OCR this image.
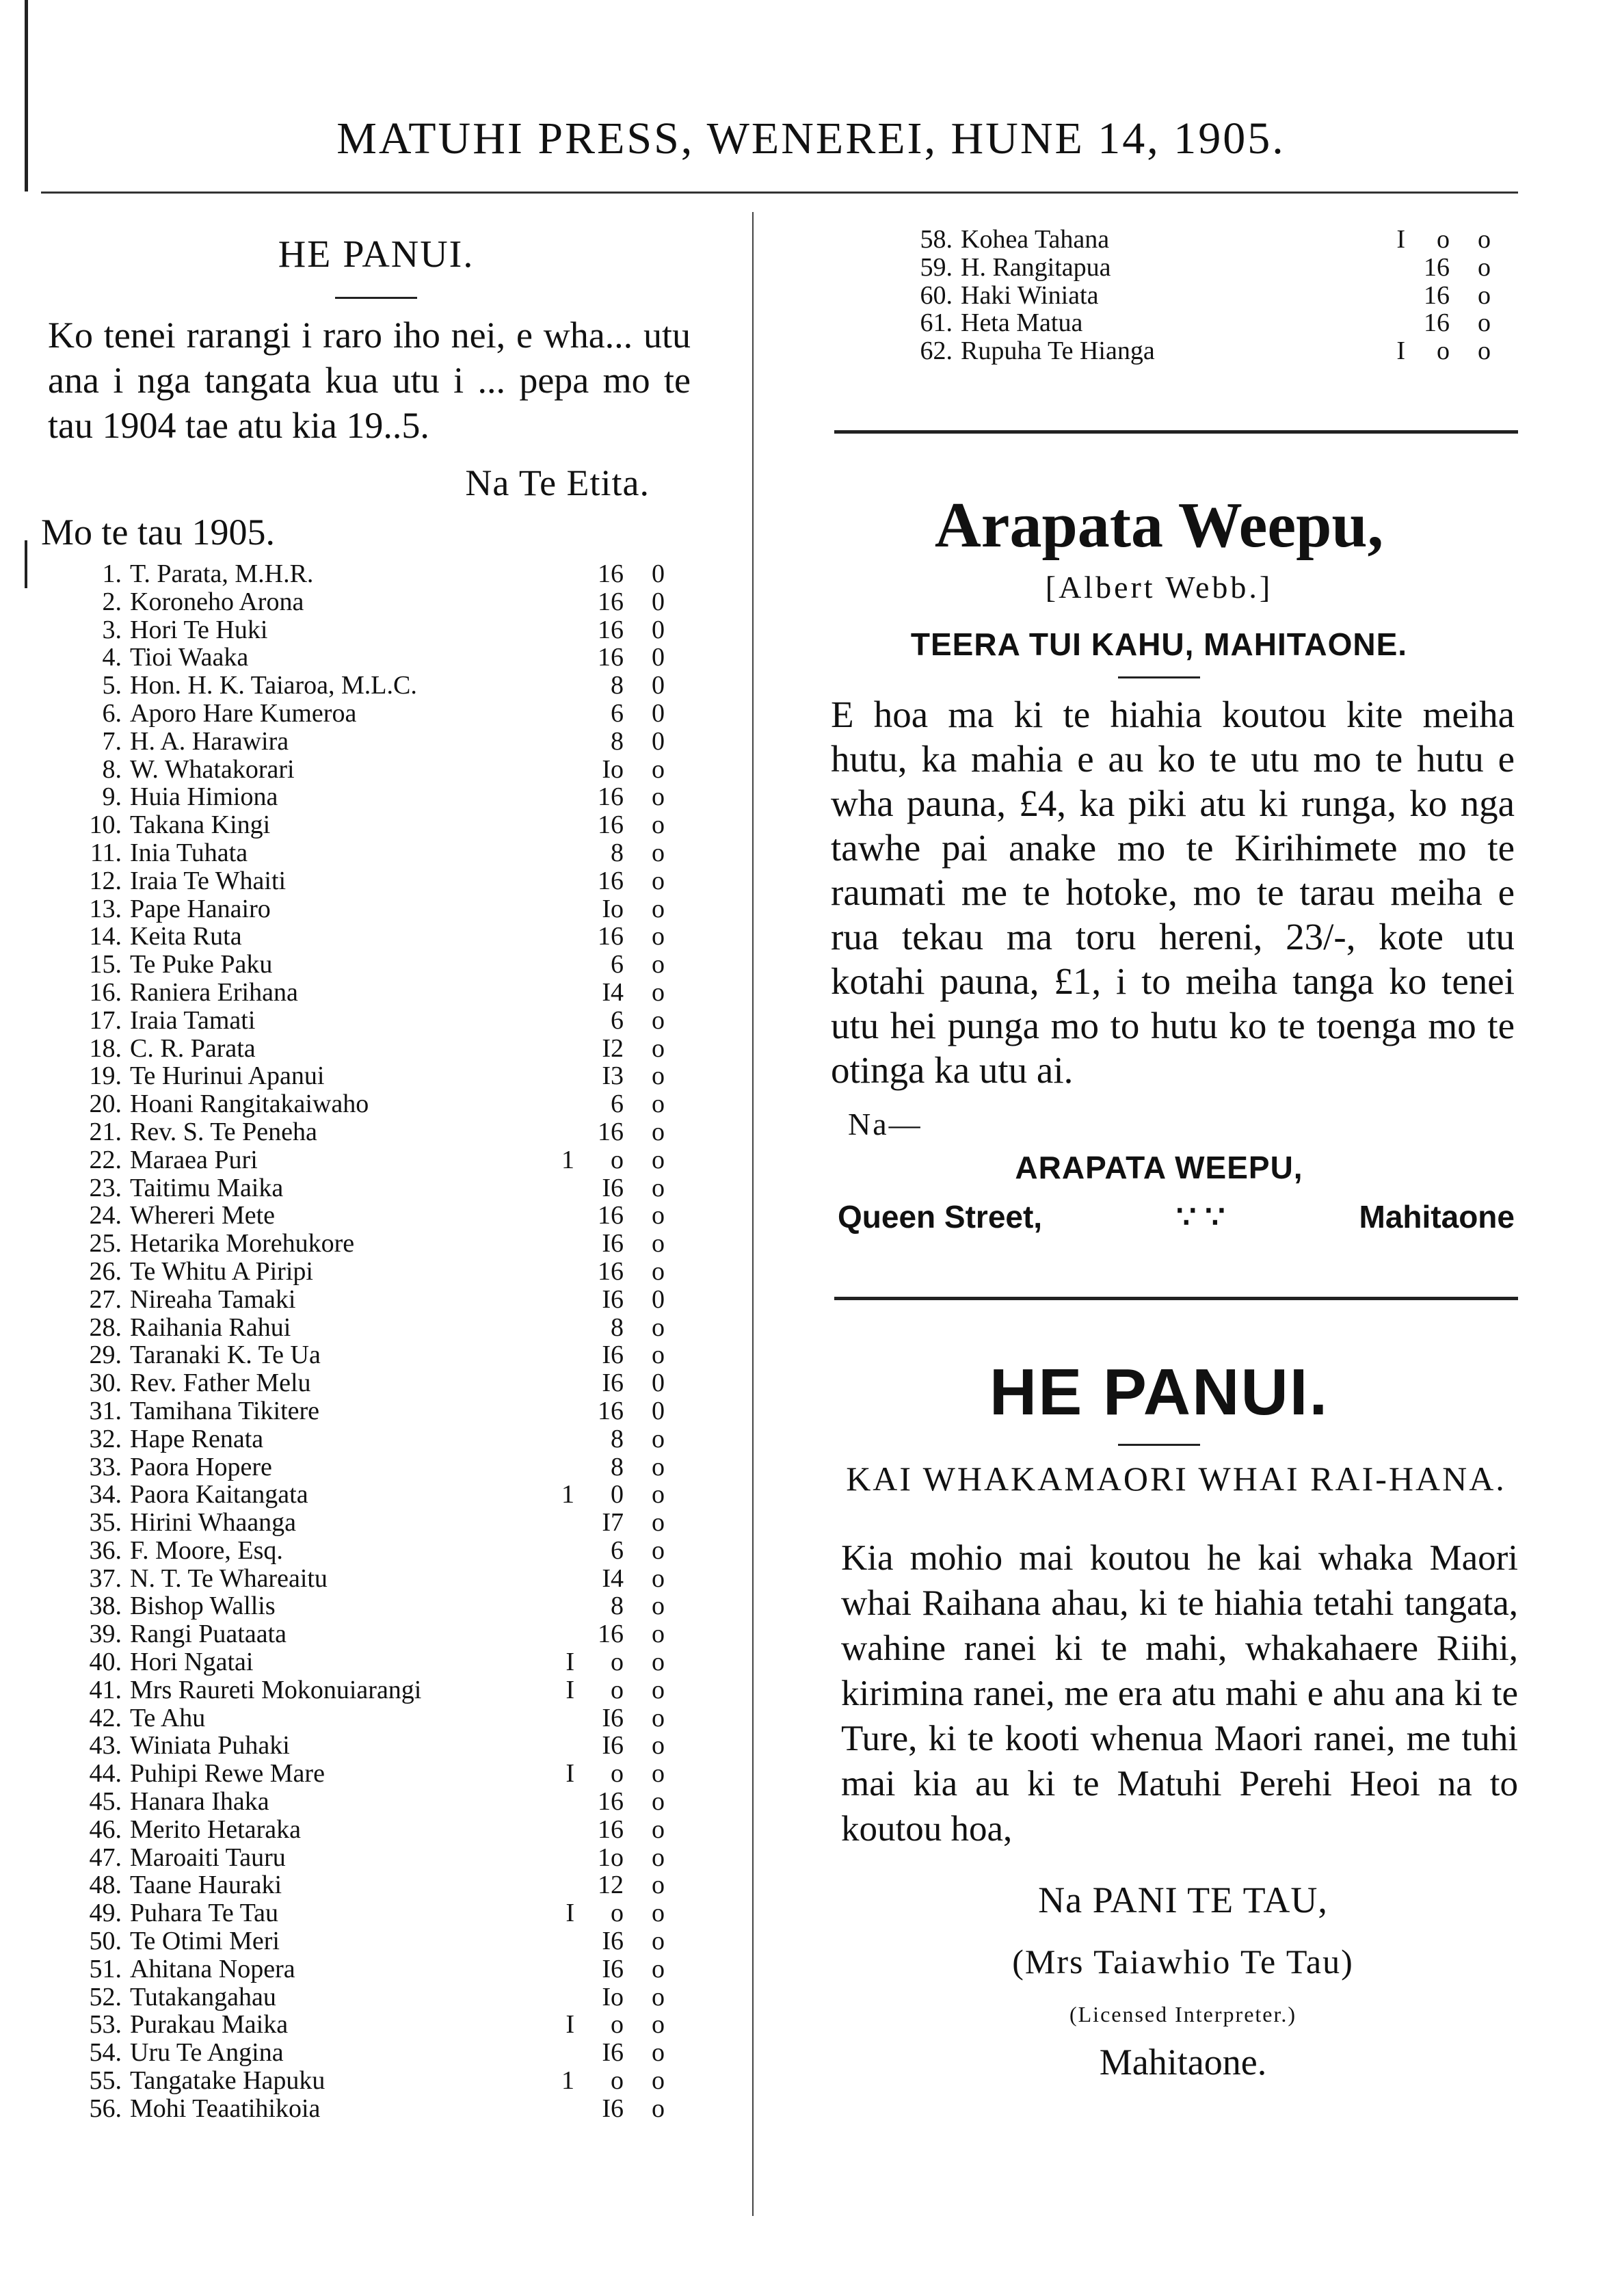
MATUHI PRESS, WENEREI, HUNE 14, 1905.
HE PANUI.
Ko tenei rarangi i raro iho nei, e wha... utu ana i nga tangata kua utu i ... pepa mo te tau 1904 tae atu kia 19..5.
Na Te Etita.
Mo te tau 1905.
1. T. Parata, M.H.R.	16	0
2. Koroneho Arona	16	0
3. Hori Te Huki	16	0
4. Tioi Waaka	16	0
5. Hon. H. K. Taiaroa, M.L.C.	8	0
6. Aporo Hare Kumeroa	6	0
7. H. A. Harawira	8	0
8. W. Whatakorari	Io	o
9. Huia Himiona	16	o
10. Takana Kingi	16	o
11. Inia Tuhata	8	o
12. Iraia Te Whaiti	16	o
13. Pape Hanairo	Io	o
14. Keita Ruta	16	o
15. Te Puke Paku	6	o
16. Raniera Erihana	I4	o
17. Iraia Tamati	6	o
18. C. R. Parata	I2	o
19. Te Hurinui Apanui	I3	o
20. Hoani Rangitakaiwaho	6	o
21. Rev. S. Te Peneha	16	o
22. Maraea Puri	1	o	o
23. Taitimu Maika	I6	o
24. Whereri Mete	16	o
25. Hetarika Morehukore	I6	o
26. Te Whitu A Piripi	16	o
27. Nireaha Tamaki	I6	0
28. Raihania Rahui	8	o
29. Taranaki K. Te Ua	I6	o
30. Rev. Father Melu	I6	0
31. Tamihana Tikitere	16	0
32. Hape Renata	8	o
33. Paora Hopere	8	o
34. Paora Kaitangata	1	0	o
35. Hirini Whaanga	I7	o
36. F. Moore, Esq.	6	o
37. N. T. Te Whareaitu	I4	o
38. Bishop Wallis	8	o
39. Rangi Puataata	16	o
40. Hori Ngatai	I	o	o
41. Mrs Raureti Mokonuiarangi	I	o	o
42. Te Ahu	I6	o
43. Winiata Puhaki	I6	o
44. Puhipi Rewe Mare	I	o	o
45. Hanara Ihaka	16	o
46. Merito Hetaraka	16	o
47. Maroaiti Tauru	1o	o
48. Taane Hauraki	12	o
49. Puhara Te Tau	I	o	o
50. Te Otimi Meri	I6	o
51. Ahitana Nopera	I6	o
52. Tutakangahau	Io	o
53. Purakau Maika	I	o	o
54. Uru Te Angina	I6	o
55. Tangatake Hapuku	1	o	o
56. Mohi Teaatihikoia	I6	o
58. Kohea Tahana	I	o	o
59. H. Rangitapua	16	o
60. Haki Winiata	16	o
61. Heta Matua	16	o
62. Rupuha Te Hianga	I	o	o
Arapata Weepu,
[Albert Webb.]
TEERA TUI KAHU, MAHITAONE.
E hoa ma ki te hiahia koutou kite meiha hutu, ka mahia e au ko te utu mo te hutu e wha pauna, £4, ka piki atu ki runga, ko nga tawhe pai anake mo te Kirihimete mo te raumati me te hotoke, mo te tarau meiha e rua tekau ma toru hereni, 23/-, kote utu kotahi pauna, £1, i to meiha tanga ko tenei utu hei punga mo to hutu ko te toenga mo te otinga ka utu ai.
Na—
ARAPATA WEEPU,
Queen Street,	∵ ∵	Mahitaone
HE PANUI.
KAI WHAKAMAORI WHAI RAI-HANA.
Kia mohio mai koutou he kai whaka Maori whai Raihana ahau, ki te hiahia tetahi tangata, wahine ranei ki te mahi, whakahaere Riihi, kirimina ranei, me era atu mahi e ahu ana ki te Ture, ki te kooti whenua Maori ranei, me tuhi mai kia au ki te Matuhi Perehi Heoi na to koutou hoa,
Na PANI TE TAU,
(Mrs Taiawhio Te Tau)
(Licensed Interpreter.)
Mahitaone.
